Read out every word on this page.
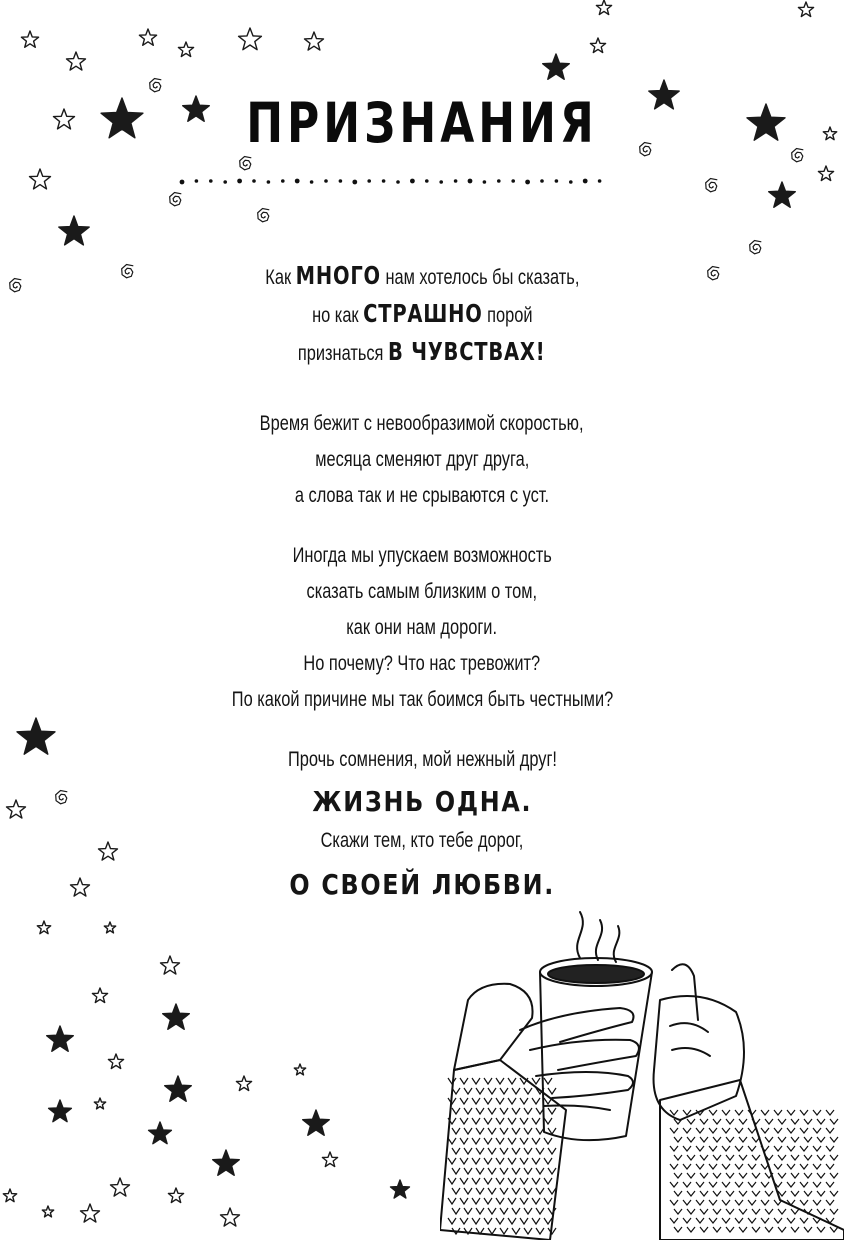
ПРИЗНАНИЯ
Как МНОГО нам хотелось бы сказать,
но как СТРАШНО порой
признаться В ЧУВСТВАХ!
Время бежит с невообразимой скоростью,
месяца сменяют друг друга,
а слова так и не срываются с уст.
Иногда мы упускаем возможность
сказать самым близким о том,
как они нам дороги.
Но почему? Что нас тревожит?
По какой причине мы так боимся быть честными?
Прочь сомнения, мой нежный друг!
ЖИЗНЬ ОДНА.
Скажи тем, кто тебе дорог,
О СВОЕЙ ЛЮБВИ.
